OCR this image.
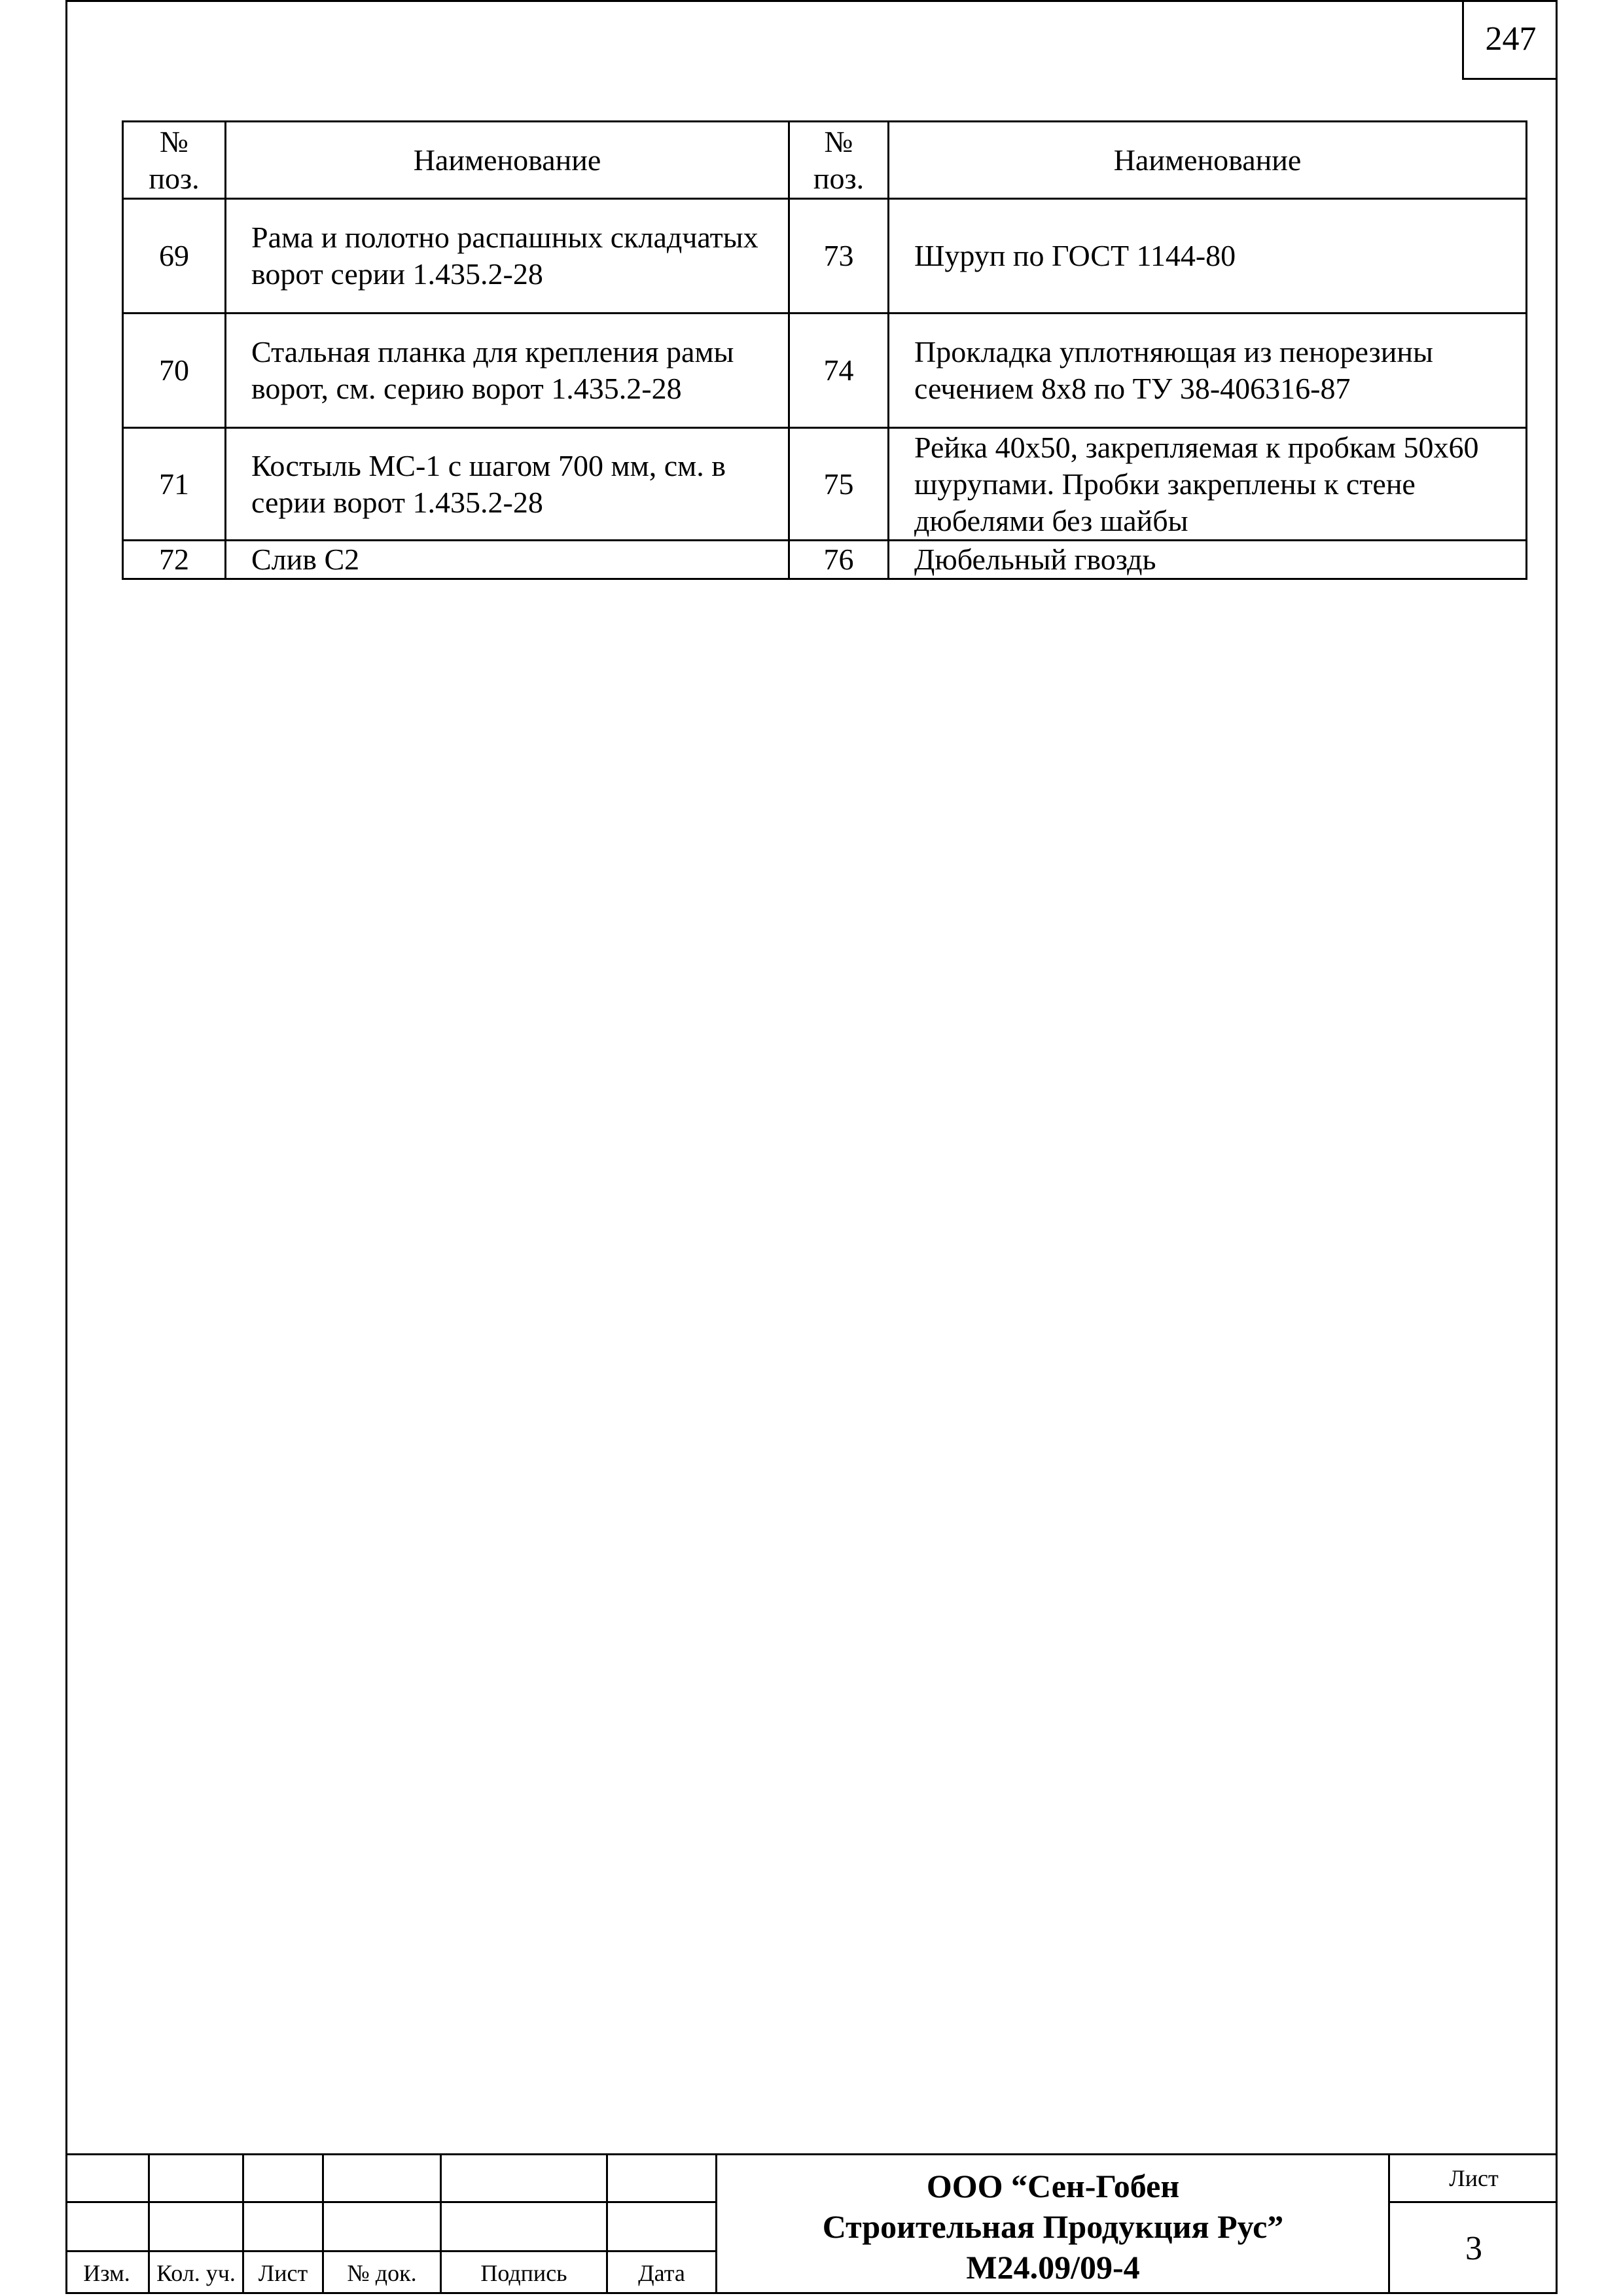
247
№ поз.	Наименование	№ поз.	Наименование
69	Рама и полотно распашных складчатых ворот серии 1.435.2-28	73	Шуруп по ГОСТ 1144-80
70	Стальная планка для крепления рамы ворот, см. серию ворот 1.435.2-28	74	Прокладка уплотняющая из пенорезины сечением 8x8 по ТУ 38-406316-87
71	Костыль МС-1 с шагом 700 мм, см. в серии ворот 1.435.2-28	75	Рейка 40x50, закрепляемая к пробкам 50x60 шурупами. Пробки закреплены к стене дюбелями без шайбы
72	Слив С2	76	Дюбельный гвоздь
Изм.	Кол. уч. Лист	№ док.	Подпись	Дата
ООО “Сен-Гобен
Строительная Продукция Рус”
М24.09/09-4
Лист
3
